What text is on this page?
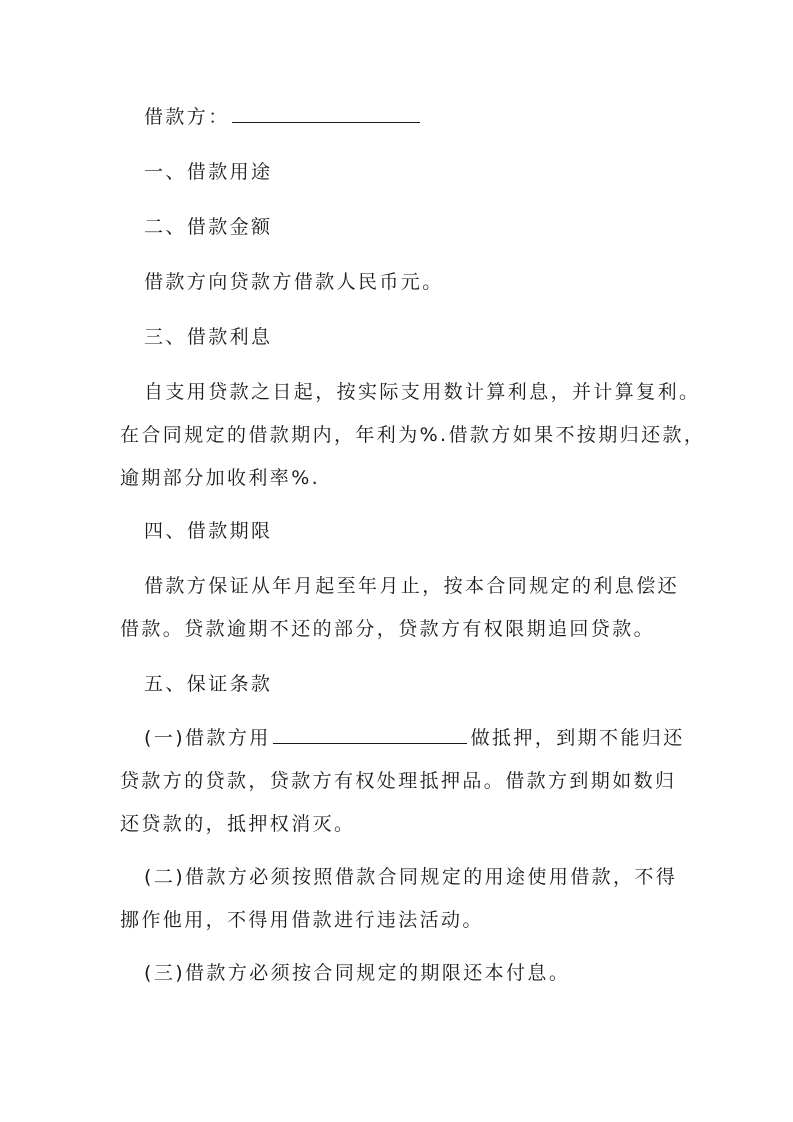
借款方：
一、借款用途
二、借款金额
借款方向贷款方借款人民币元。
三、借款利息
自支用贷款之日起，按实际支用数计算利息，并计算复利。
在合同规定的借款期内，年利为%.借款方如果不按期归还款，
逾期部分加收利率%.
四、借款期限
借款方保证从年月起至年月止，按本合同规定的利息偿还
借款。贷款逾期不还的部分，贷款方有权限期追回贷款。
五、保证条款
(一)借款方用	做抵押，到期不能归还
贷款方的贷款，贷款方有权处理抵押品。借款方到期如数归
还贷款的，抵押权消灭。
(二)借款方必须按照借款合同规定的用途使用借款，不得
挪作他用，不得用借款进行违法活动。
(三)借款方必须按合同规定的期限还本付息。
